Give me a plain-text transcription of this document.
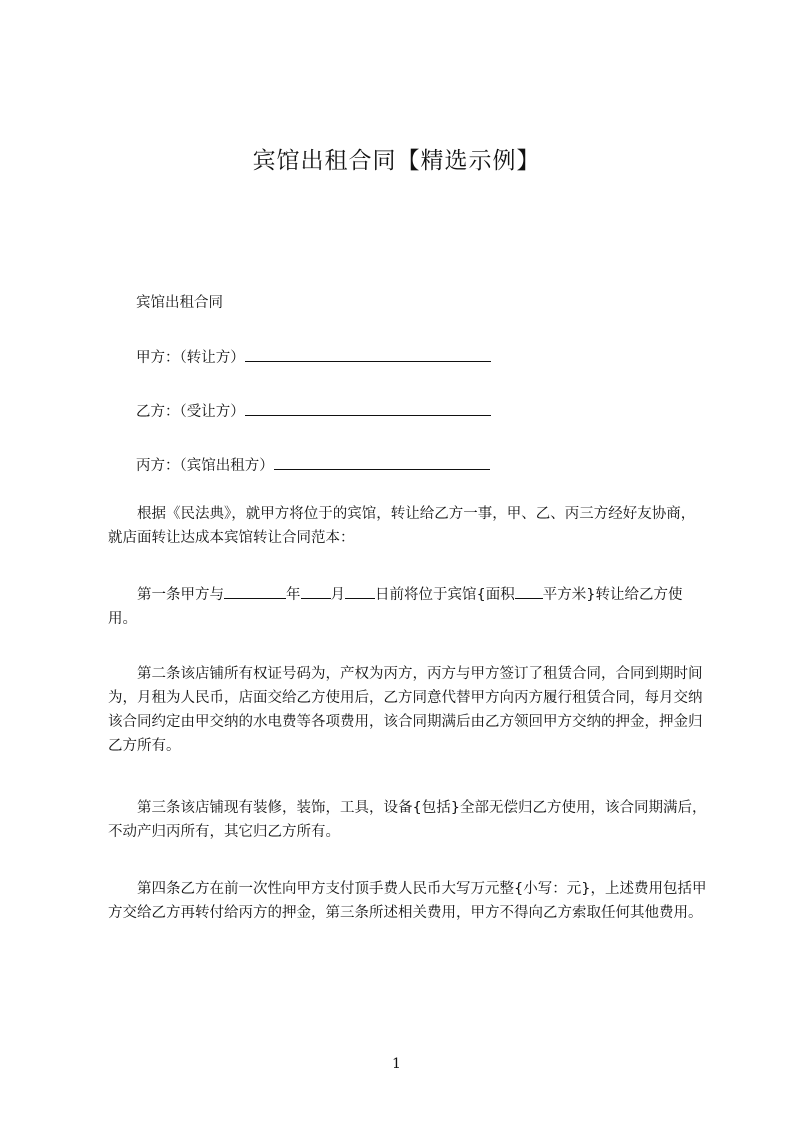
宾馆出租合同【精选示例】
宾馆出租合同
甲方：（转让方）
乙方：（受让方）
丙方：（宾馆出租方）

根据《民法典》，就甲方将位于的宾馆，转让给乙方一事，甲、乙、丙三方经好友协商，就店面转让达成本宾馆转让合同范本：

第一条甲方与	年 月 日前将位于宾馆{面积 平方米}转让给乙方使用。

第二条该店铺所有权证号码为，产权为丙方，丙方与甲方签订了租赁合同，合同到期时间为，月租为人民币，店面交给乙方使用后，乙方同意代替甲方向丙方履行租赁合同，每月交纳该合同约定由甲交纳的水电费等各项费用，该合同期满后由乙方领回甲方交纳的押金，押金归乙方所有。

第三条该店铺现有装修，装饰，工具，设备{包括}全部无偿归乙方使用，该合同期满后，不动产归丙所有，其它归乙方所有。

第四条乙方在前一次性向甲方支付顶手费人民币大写万元整{小写：元}，上述费用包括甲方交给乙方再转付给丙方的押金，第三条所述相关费用，甲方不得向乙方索取任何其他费用。

1
